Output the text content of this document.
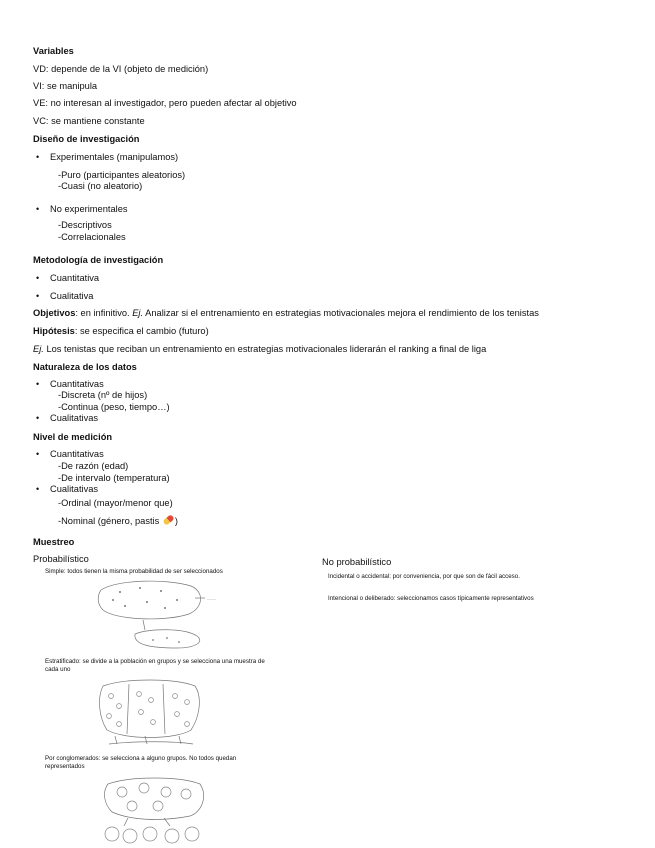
Variables
VD: depende de la VI (objeto de medición)
VI: se manipula
VE: no interesan al investigador, pero pueden afectar al objetivo
VC: se mantiene constante
Diseño de investigación
• Experimentales (manipulamos)
-Puro (participantes aleatorios)
-Cuasi (no aleatorio)
• No experimentales
-Descriptivos
-Correlacionales
Metodología de investigación
• Cuantitativa
• Cualitativa
Objetivos: en infinitivo. Ej. Analizar si el entrenamiento en estrategias motivacionales mejora el rendimiento de los tenistas
Hipótesis: se especifica el cambio (futuro)
Ej. Los tenistas que reciban un entrenamiento en estrategias motivacionales liderarán el ranking a final de liga
Naturaleza de los datos
• Cuantitativas
-Discreta (nº de hijos)
-Continua (peso, tiempo…)
• Cualitativas
Nivel de medición
• Cuantitativas
-De razón (edad)
-De intervalo (temperatura)
• Cualitativas
-Ordinal (mayor/menor que)
-Nominal (género, pastis )
Muestreo
Probabilístico
Simple: todos tienen la misma probabilidad de ser seleccionados
———
Estratificado: se divide a la población en grupos y se selecciona una muestra de
cada uno
Por conglomerados: se selecciona a alguno grupos. No todos quedan
representados
No probabilístico
Incidental o accidental: por conveniencia, por que son de fácil acceso.
Intencional o deliberado: seleccionamos casos típicamente representativos
